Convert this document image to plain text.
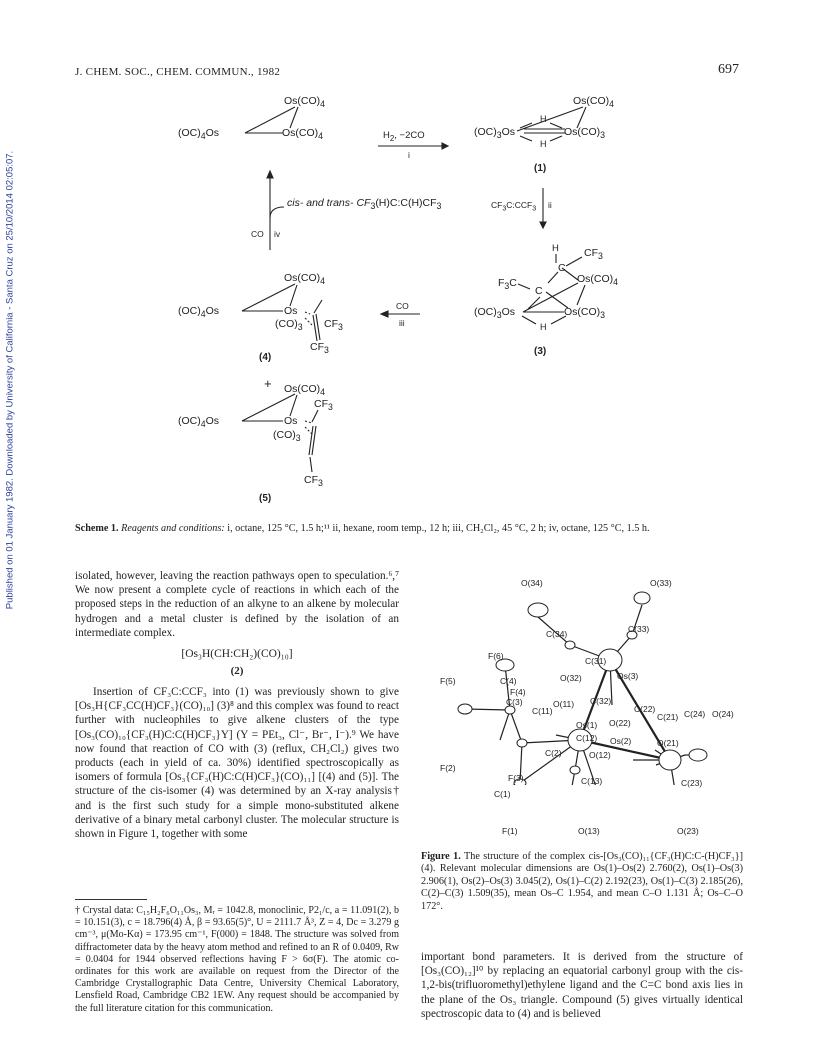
J. CHEM. SOC., CHEM. COMMUN., 1982	697
Published on 01 January 1982. Downloaded by University of California - Santa Cruz on 25/10/2014 02:05:07.
$Os(CO)_4$
$(OC)_4Os$	$Os(CO)_4$	$H_2$, −2CO
i
$Os(CO)_4$
H
$(OC)_3Os$	$Os(CO)_3$
H
(1)
$CF_3C:CCF_3$ ii
cis- and trans- $CF_3(H)C:C(H)CF_3$
CO iv
H $CF_3$
C
$Os(CO)_4$
$F_3C$
C
$(OC)_3Os$	$Os(CO)_3$
H
(3)
CO
iii
$Os(CO)_4$
$(OC)_4Os$	Os
$(CO)_3$ $CF_3$
$CF_3$
(4)
+ $Os(CO)_4$
$CF_3$
$(OC)_4Os$	Os
$(CO)_3$
$CF_3$
(5)
Scheme 1. Reagents and conditions: i, octane, 125 °C, 1.5 h;¹¹ ii, hexane, room temp., 12 h; iii, CH₂Cl₂, 45 °C, 2 h; iv, octane, 125 °C, 1.5 h.

isolated, however, leaving the reaction pathways open to speculation.⁶,⁷ We now present a complete cycle of reactions in which each of the proposed steps in the reduction of an alkyne to an alkene by molecular hydrogen and a metal cluster is defined by the isolation of an intermediate complex.

[Os₃H(CH:CH₂)(CO)₁₀]
(2)

Insertion of CF₃C:CCF₃ into (1) was previously shown to give [Os₃H{CF₃CC(H)CF₃}(CO)₁₀] (3)⁸ and this complex was found to react further with nucleophiles to give alkene clusters of the type [Os₃(CO)₁₀{CF₃(H)C:C(H)CF₃}Y] (Y = PEt₃, Cl⁻, Br⁻, I⁻).⁹ We have now found that reaction of CO with (3) (reflux, CH₂Cl₂) gives two products (each in yield of ca. 30%) identified spectroscopically as isomers of formula [Os₃{CF₃(H)C:C(H)CF₃}(CO)₁₁] [(4) and (5)]. The structure of the cis-isomer (4) was determined by an X-ray analysis† and is the first such study for a simple mono-substituted alkene derivative of a binary metal carbonyl cluster. The molecular structure is shown in Figure 1, together with some

† Crystal data: C₁₅H₂F₆O₁₁Os₃, Mᵣ = 1042.8, monoclinic, P2₁/c, a = 11.091(2), b = 10.151(3), c = 18.796(4) Å, β = 93.65(5)°, U = 2111.7 Å³, Z = 4, Dc = 3.279 g cm⁻³, μ(Mo-Kα) = 173.95 cm⁻¹, F(000) = 1848. The structure was solved from diffractometer data by the heavy atom method and refined to an R of 0.0409, Rw = 0.0404 for 1944 observed reflections having F > 6σ(F). The atomic co-ordinates for this work are available on request from the Director of the Cambridge Crystallographic Data Centre, University Chemical Laboratory, Lensfield Road, Cambridge CB2 1EW. Any request should be accompanied by the full literature citation for this communication.
O(34)	O(33)
C(34)	C(33)
F(6)	C(31)
O(32)	Os(3)
F(5)	C(4)
F(4)
C(3)
C(11)
O(11) C(32)
C(22)
C(21) C(24) O(24)
Os(1) O(22)
C(12) Os(2)	O(21)
C(2)	O(12)
F(2)
F(3)
C(1)
C(13)	C(23)
F(1)	O(13)	O(23)
Figure 1. The structure of the complex cis-[Os₃(CO)₁₁{CF₃(H)C:C-(H)CF₃}] (4). Relevant molecular dimensions are Os(1)–Os(2) 2.760(2), Os(1)–Os(3) 2.906(1), Os(2)–Os(3) 3.045(2), Os(1)–C(2) 2.192(23), Os(1)–C(3) 2.185(26), C(2)–C(3) 1.509(35), mean Os–C 1.954, and mean C–O 1.131 Å; Os–C–O 172°.
important bond parameters. It is derived from the structure of [Os₃(CO)₁₂]¹⁰ by replacing an equatorial carbonyl group with the cis-1,2-bis(trifluoromethyl)ethylene ligand and the C=C bond axis lies in the plane of the Os₃ triangle. Compound (5) gives virtually identical spectroscopic data to (4) and is believed
